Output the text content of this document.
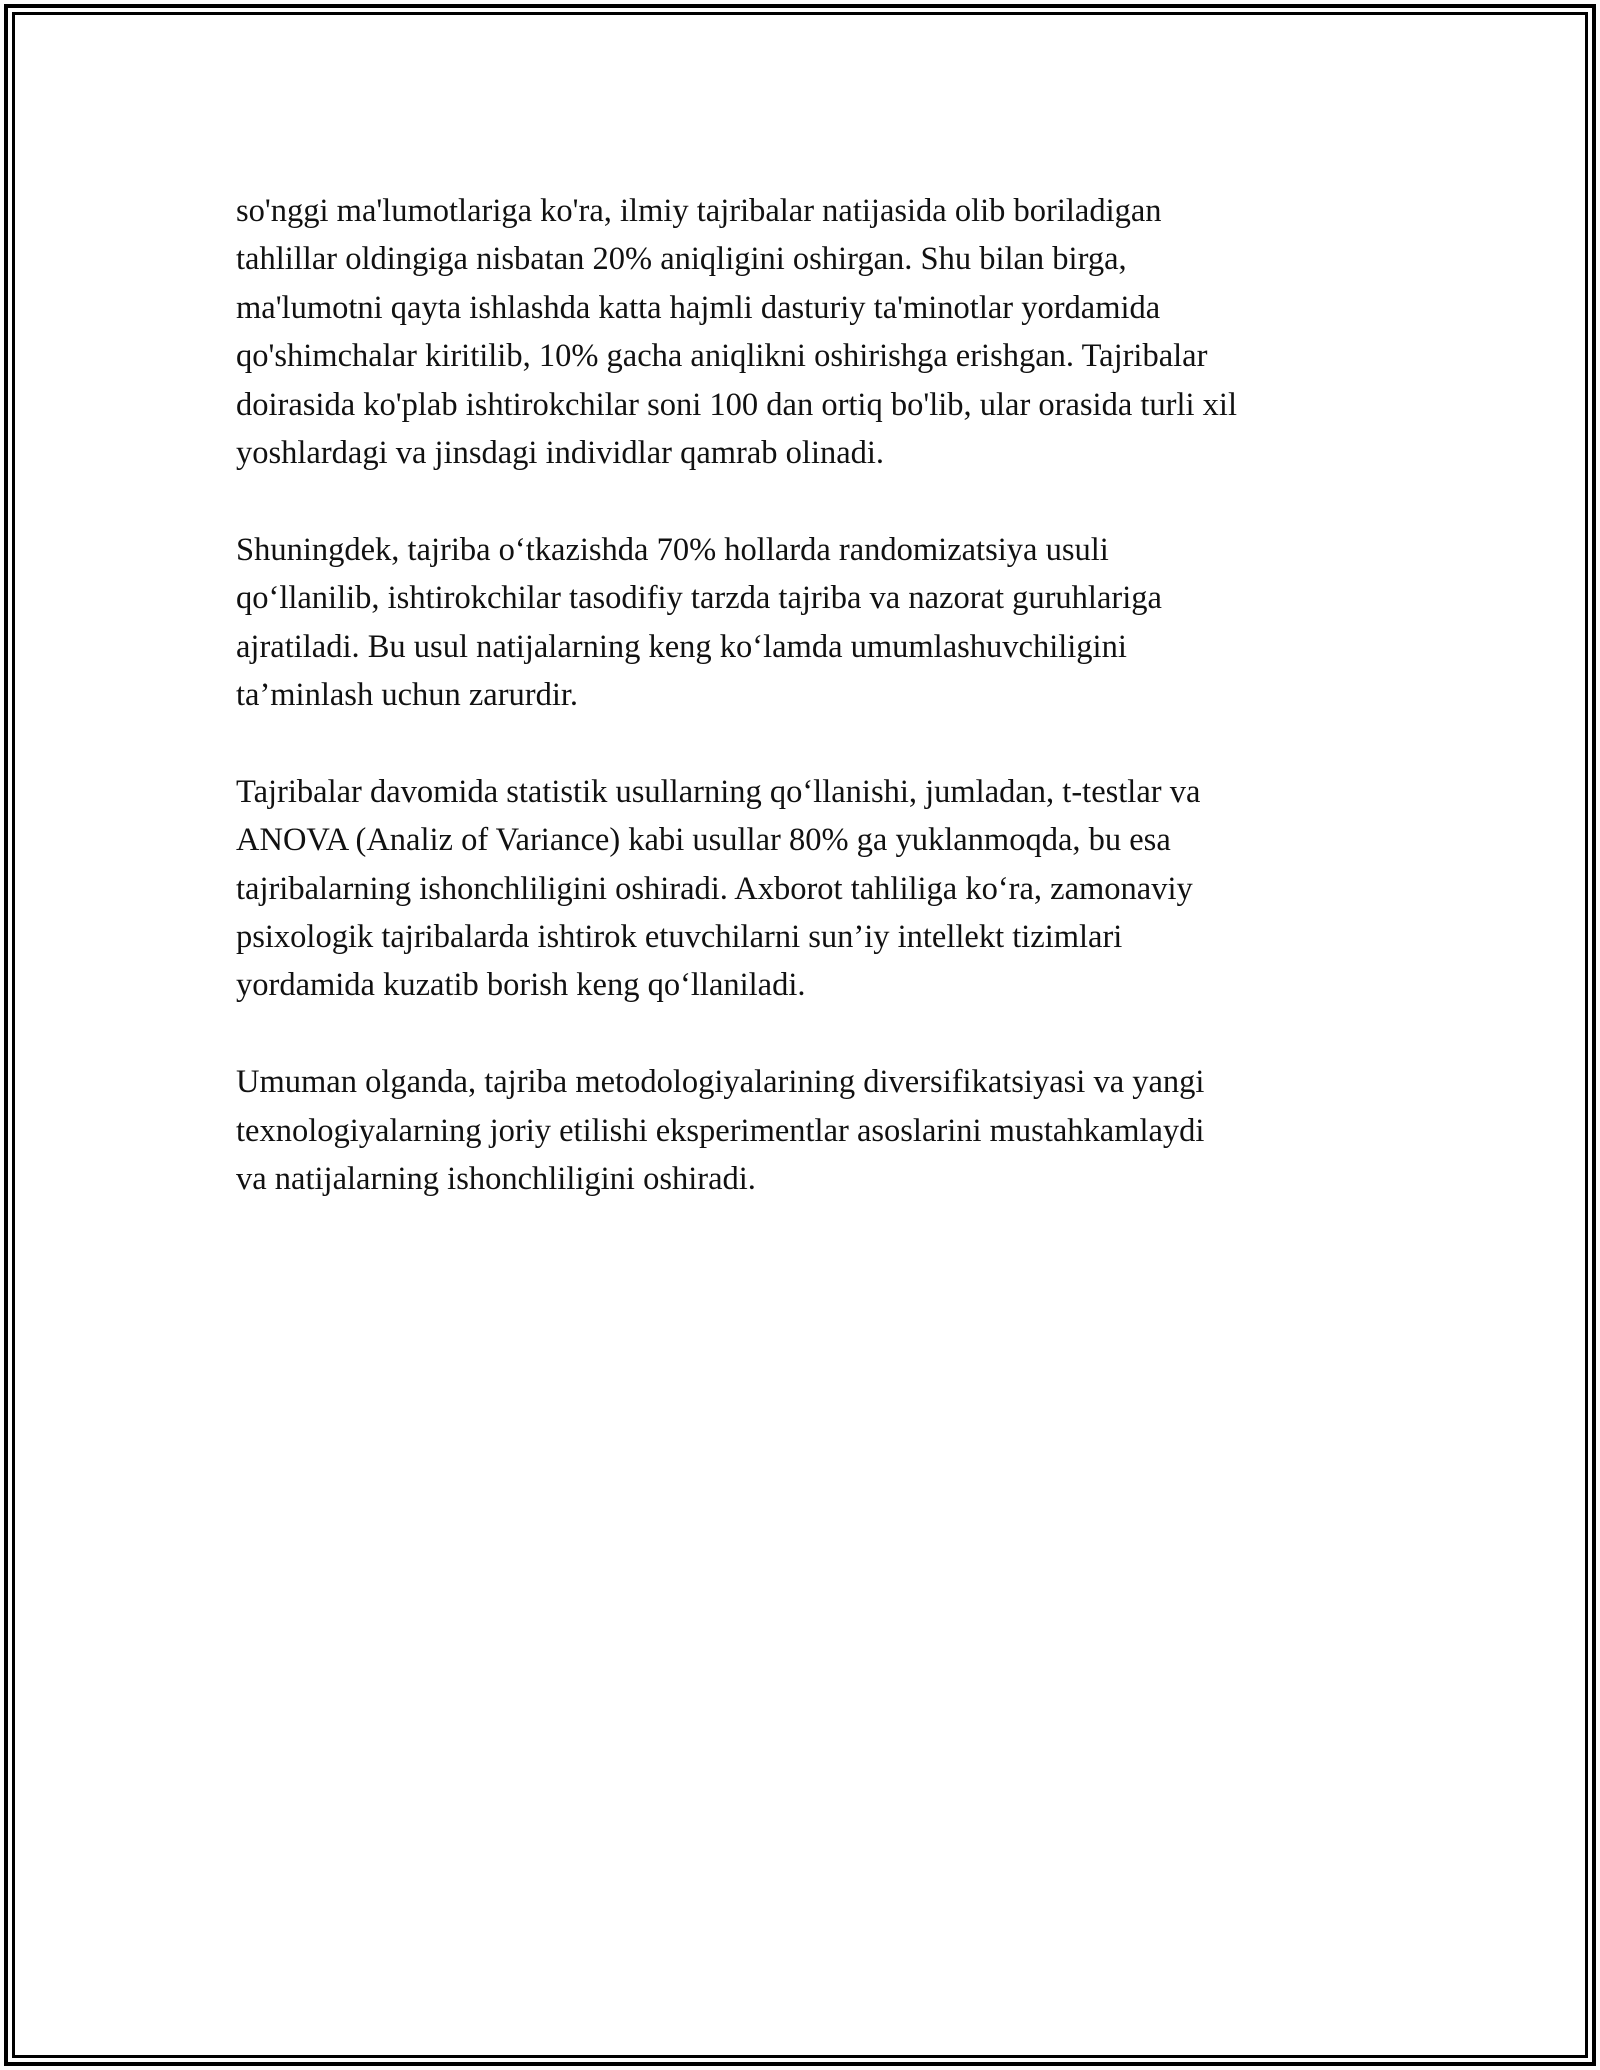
so'nggi ma'lumotlariga ko'ra, ilmiy tajribalar natijasida olib boriladigan
tahlillar oldingiga nisbatan 20% aniqligini oshirgan. Shu bilan birga,
ma'lumotni qayta ishlashda katta hajmli dasturiy ta'minotlar yordamida
qo'shimchalar kiritilib, 10% gacha aniqlikni oshirishga erishgan. Tajribalar
doirasida ko'plab ishtirokchilar soni 100 dan ortiq bo'lib, ular orasida turli xil
yoshlardagi va jinsdagi individlar qamrab olinadi.

Shuningdek, tajriba o‘tkazishda 70% hollarda randomizatsiya usuli
qo‘llanilib, ishtirokchilar tasodifiy tarzda tajriba va nazorat guruhlariga
ajratiladi. Bu usul natijalarning keng ko‘lamda umumlashuvchiligini
ta’minlash uchun zarurdir.

Tajribalar davomida statistik usullarning qo‘llanishi, jumladan, t-testlar va
ANOVA (Analiz of Variance) kabi usullar 80% ga yuklanmoqda, bu esa
tajribalarning ishonchliligini oshiradi. Axborot tahliliga ko‘ra, zamonaviy
psixologik tajribalarda ishtirok etuvchilarni sun’iy intellekt tizimlari
yordamida kuzatib borish keng qo‘llaniladi.

Umuman olganda, tajriba metodologiyalarining diversifikatsiyasi va yangi
texnologiyalarning joriy etilishi eksperimentlar asoslarini mustahkamlaydi
va natijalarning ishonchliligini oshiradi.
